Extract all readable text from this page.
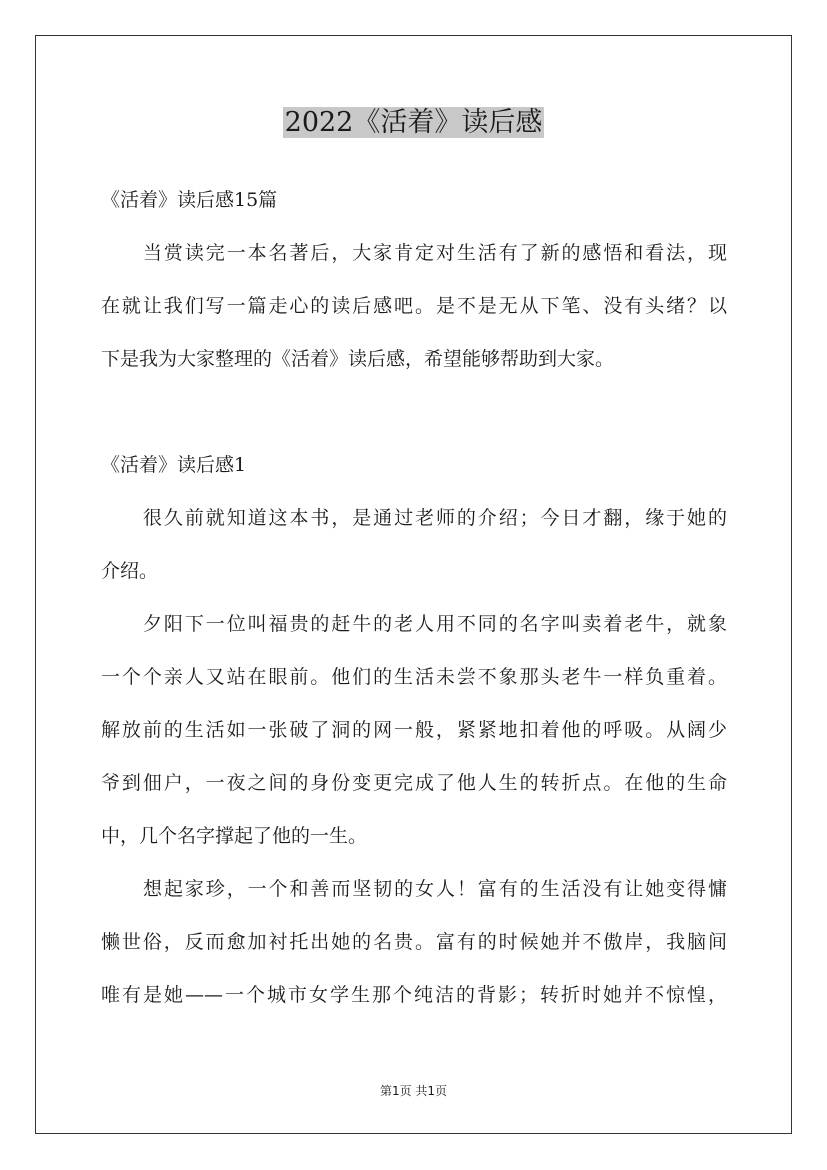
2022《活着》读后感
《活着》读后感15篇
当赏读完一本名著后，大家肯定对生活有了新的感悟和看法，现
在就让我们写一篇走心的读后感吧。是不是无从下笔、没有头绪？以
下是我为大家整理的《活着》读后感，希望能够帮助到大家。
《活着》读后感1
很久前就知道这本书，是通过老师的介绍；今日才翻，缘于她的
介绍。
夕阳下一位叫福贵的赶牛的老人用不同的名字叫卖着老牛，就象
一个个亲人又站在眼前。他们的生活未尝不象那头老牛一样负重着。
解放前的生活如一张破了洞的网一般，紧紧地扣着他的呼吸。从阔少
爷到佃户，一夜之间的身份变更完成了他人生的转折点。在他的生命
中，几个名字撑起了他的一生。
想起家珍，一个和善而坚韧的女人！富有的生活没有让她变得慵
懒世俗，反而愈加衬托出她的名贵。富有的时候她并不傲岸，我脑间
唯有是她——一个城市女学生那个纯洁的背影；转折时她并不惊惶，
第1页 共1页
